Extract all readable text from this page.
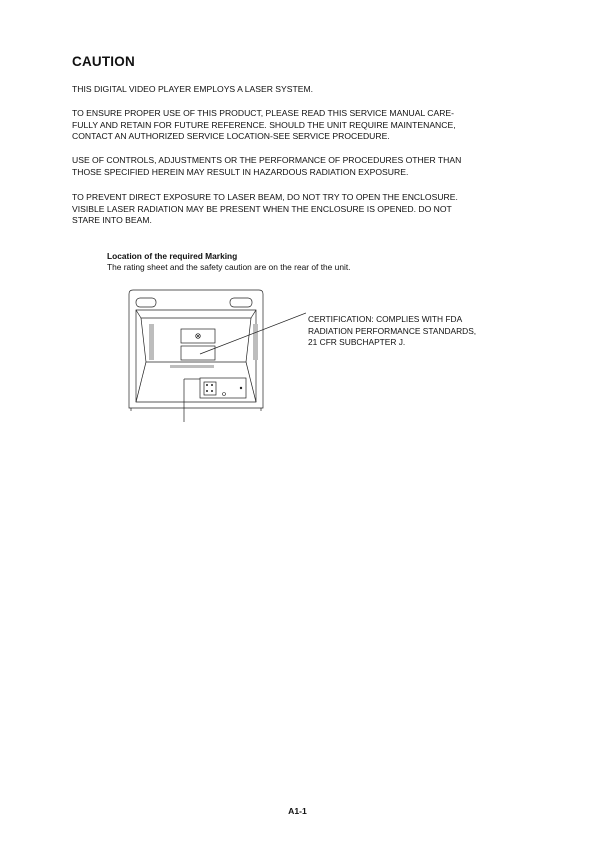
CAUTION

THIS DIGITAL VIDEO PLAYER EMPLOYS A LASER SYSTEM.

TO ENSURE PROPER USE OF THIS PRODUCT, PLEASE READ THIS SERVICE MANUAL CARE-
FULLY AND RETAIN FOR FUTURE REFERENCE. SHOULD THE UNIT REQUIRE MAINTENANCE,
CONTACT AN AUTHORIZED SERVICE LOCATION-SEE SERVICE PROCEDURE.

USE OF CONTROLS, ADJUSTMENTS OR THE PERFORMANCE OF PROCEDURES OTHER THAN
THOSE SPECIFIED HEREIN MAY RESULT IN HAZARDOUS RADIATION EXPOSURE.

TO PREVENT DIRECT EXPOSURE TO LASER BEAM, DO NOT TRY TO OPEN THE ENCLOSURE.
VISIBLE LASER RADIATION MAY BE PRESENT WHEN THE ENCLOSURE IS OPENED. DO NOT
STARE INTO BEAM.

Location of the required Marking
The rating sheet and the safety caution are on the rear of the unit.
CERTIFICATION: COMPLIES WITH FDA
RADIATION PERFORMANCE STANDARDS,
21 CFR SUBCHAPTER J.
A1-1
